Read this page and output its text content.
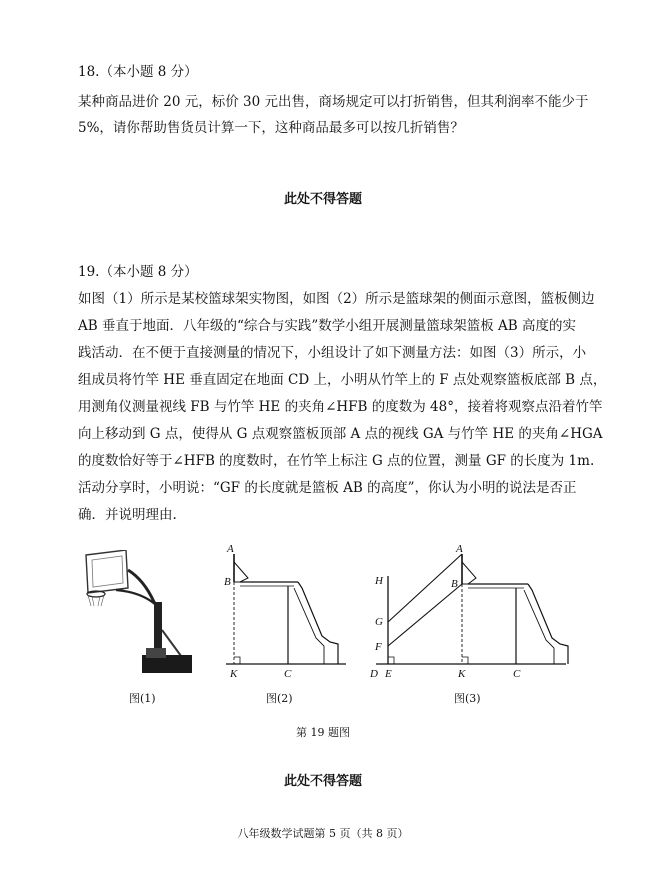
18.（本小题 8 分）
某种商品进价 20 元，标价 30 元出售，商场规定可以打折销售，但其利润率不能少于
5%，请你帮助售货员计算一下，这种商品最多可以按几折销售？
此处不得答题
19.（本小题 8 分）
如图（1）所示是某校篮球架实物图，如图（2）所示是篮球架的侧面示意图，篮板侧边
AB 垂直于地面．八年级的“综合与实践”数学小组开展测量篮球架篮板 AB 高度的实
践活动．在不便于直接测量的情况下，小组设计了如下测量方法：如图（3）所示，小
组成员将竹竿 HE 垂直固定在地面 CD 上，小明从竹竿上的 F 点处观察篮板底部 B 点，
用测角仪测量视线 FB 与竹竿 HE 的夹角∠HFB 的度数为 48°，接着将观察点沿着竹竿
向上移动到 G 点，使得从 G 点观察篮板顶部 A 点的视线 GA 与竹竿 HE 的夹角∠HGA
的度数恰好等于∠HFB 的度数时，在竹竿上标注 G 点的位置，测量 GF 的长度为 1m.
活动分享时，小明说：“GF 的长度就是篮板 AB 的高度”，你认为小明的说法是否正
确．并说明理由.
A
B
K	C
A
B
H
G
F
D E	K	C
图(1)	图(2)	图(3)
第 19 题图
此处不得答题
八年级数学试题第 5 页（共 8 页）
